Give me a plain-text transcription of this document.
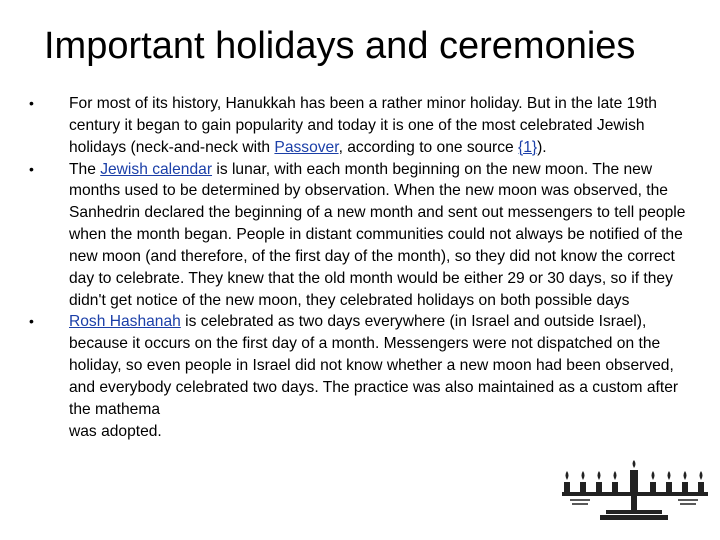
Important holidays and ceremonies
• For most of its history, Hanukkah has been a rather minor holiday. But in the late 19th century it began to gain popularity and today it is one of the most celebrated Jewish holidays (neck-and-neck with Passover, according to one source {1}).
• The Jewish calendar is lunar, with each month beginning on the new moon. The new months used to be determined by observation. When the new moon was observed, the Sanhedrin declared the beginning of a new month and sent out messengers to tell people when the month began. People in distant communities could not always be notified of the new moon (and therefore, of the first day of the month), so they did not know the correct day to celebrate. They knew that the old month would be either 29 or 30 days, so if they didn't get notice of the new moon, they celebrated holidays on both possible days
• Rosh Hashanah is celebrated as two days everywhere (in Israel and outside Israel), because it occurs on the first day of a month. Messengers were not dispatched on the holiday, so even people in Israel did not know whether a new moon had been observed, and everybody celebrated two days. The practice was also maintained as a custom after the mathema
was adopted.
